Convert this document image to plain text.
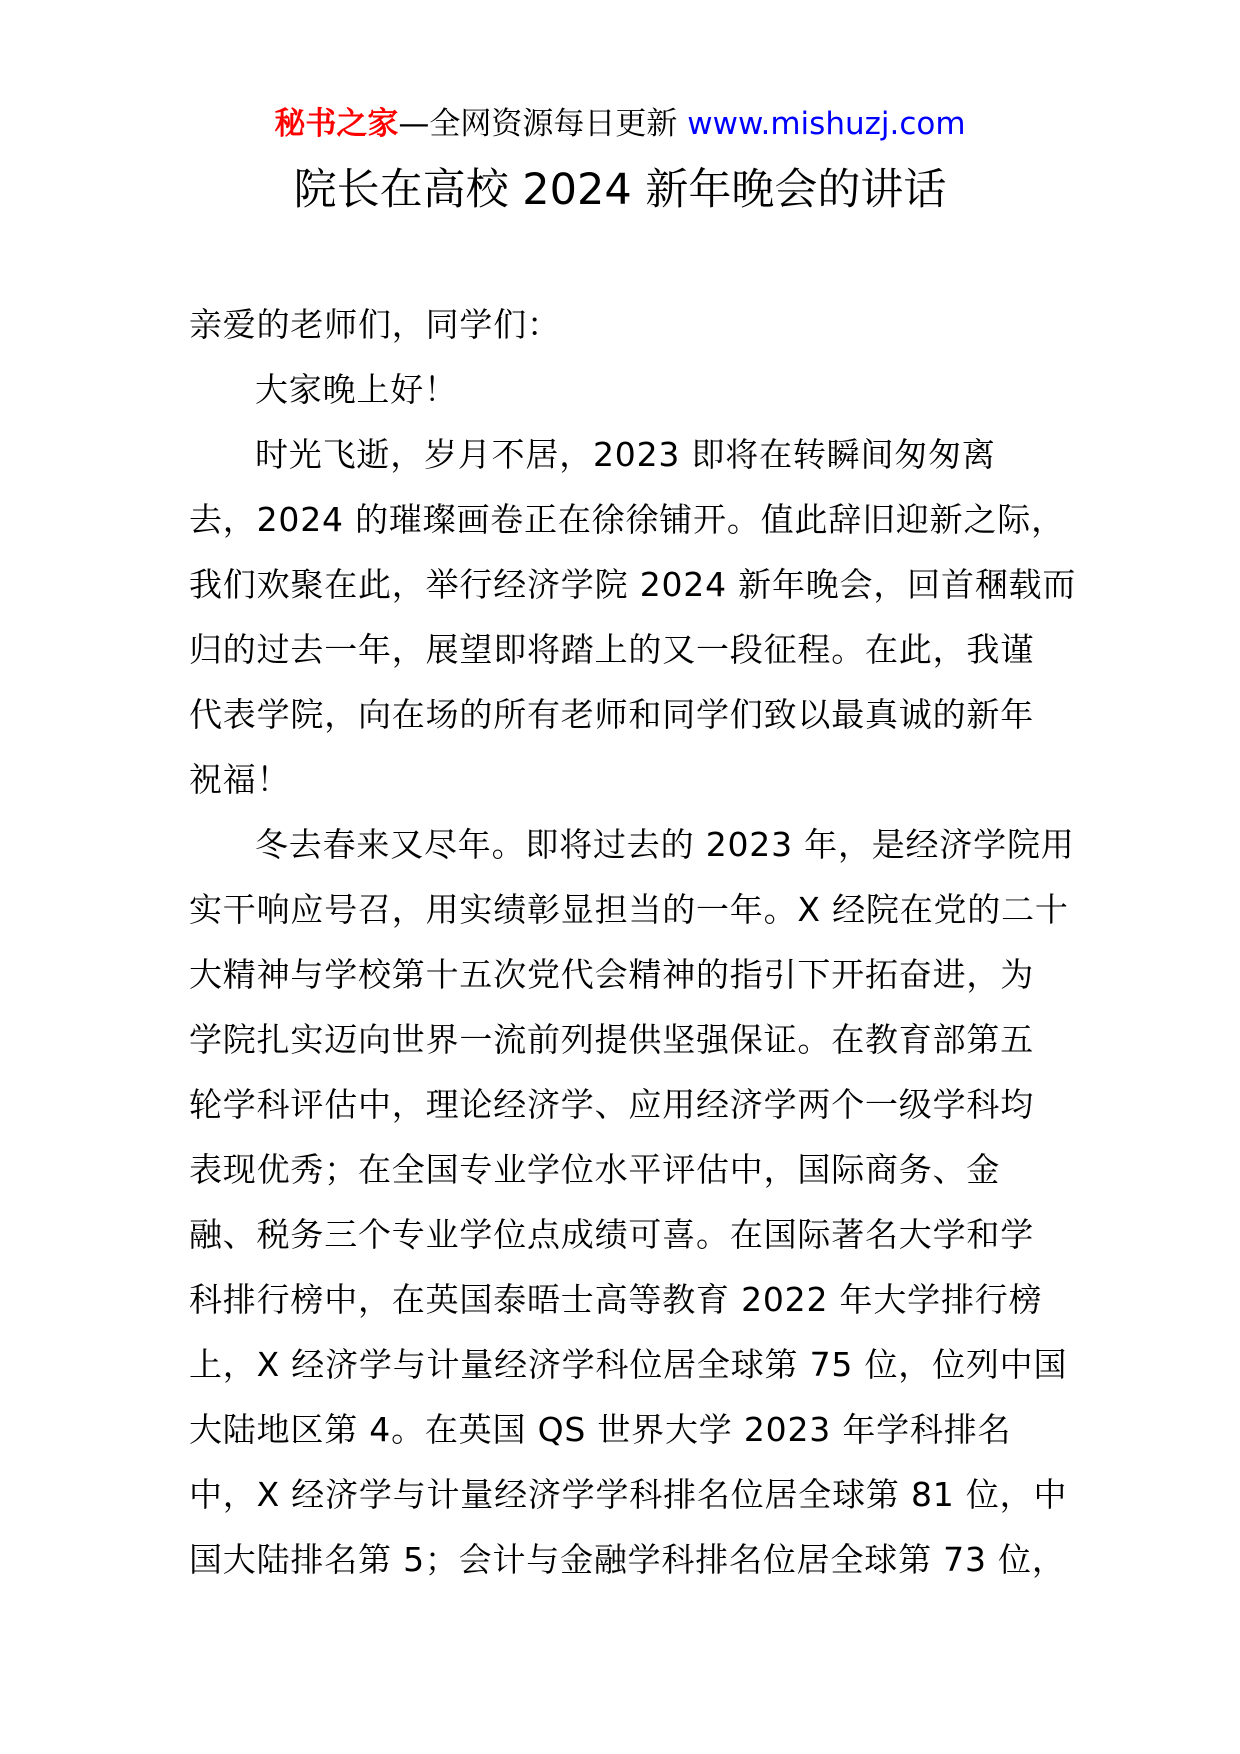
秘书之家—全网资源每日更新 www.mishuzj.com
院长在高校 2024 新年晚会的讲话

亲爱的老师们，同学们：

大家晚上好！

时光飞逝，岁月不居，2023 即将在转瞬间匆匆离
去，2024 的璀璨画卷正在徐徐铺开。值此辞旧迎新之际，
我们欢聚在此，举行经济学院 2024 新年晚会，回首稛载而
归的过去一年，展望即将踏上的又一段征程。在此，我谨
代表学院，向在场的所有老师和同学们致以最真诚的新年
祝福！

冬去春来又尽年。即将过去的 2023 年，是经济学院用
实干响应号召，用实绩彰显担当的一年。X 经院在党的二十
大精神与学校第十五次党代会精神的指引下开拓奋进，为
学院扎实迈向世界一流前列提供坚强保证。在教育部第五
轮学科评估中，理论经济学、应用经济学两个一级学科均
表现优秀；在全国专业学位水平评估中，国际商务、金
融、税务三个专业学位点成绩可喜。在国际著名大学和学
科排行榜中，在英国泰晤士高等教育 2022 年大学排行榜
上，X 经济学与计量经济学科位居全球第 75 位，位列中国
大陆地区第 4。在英国 QS 世界大学 2023 年学科排名
中，X 经济学与计量经济学学科排名位居全球第 81 位，中
国大陆排名第 5；会计与金融学科排名位居全球第 73 位，
